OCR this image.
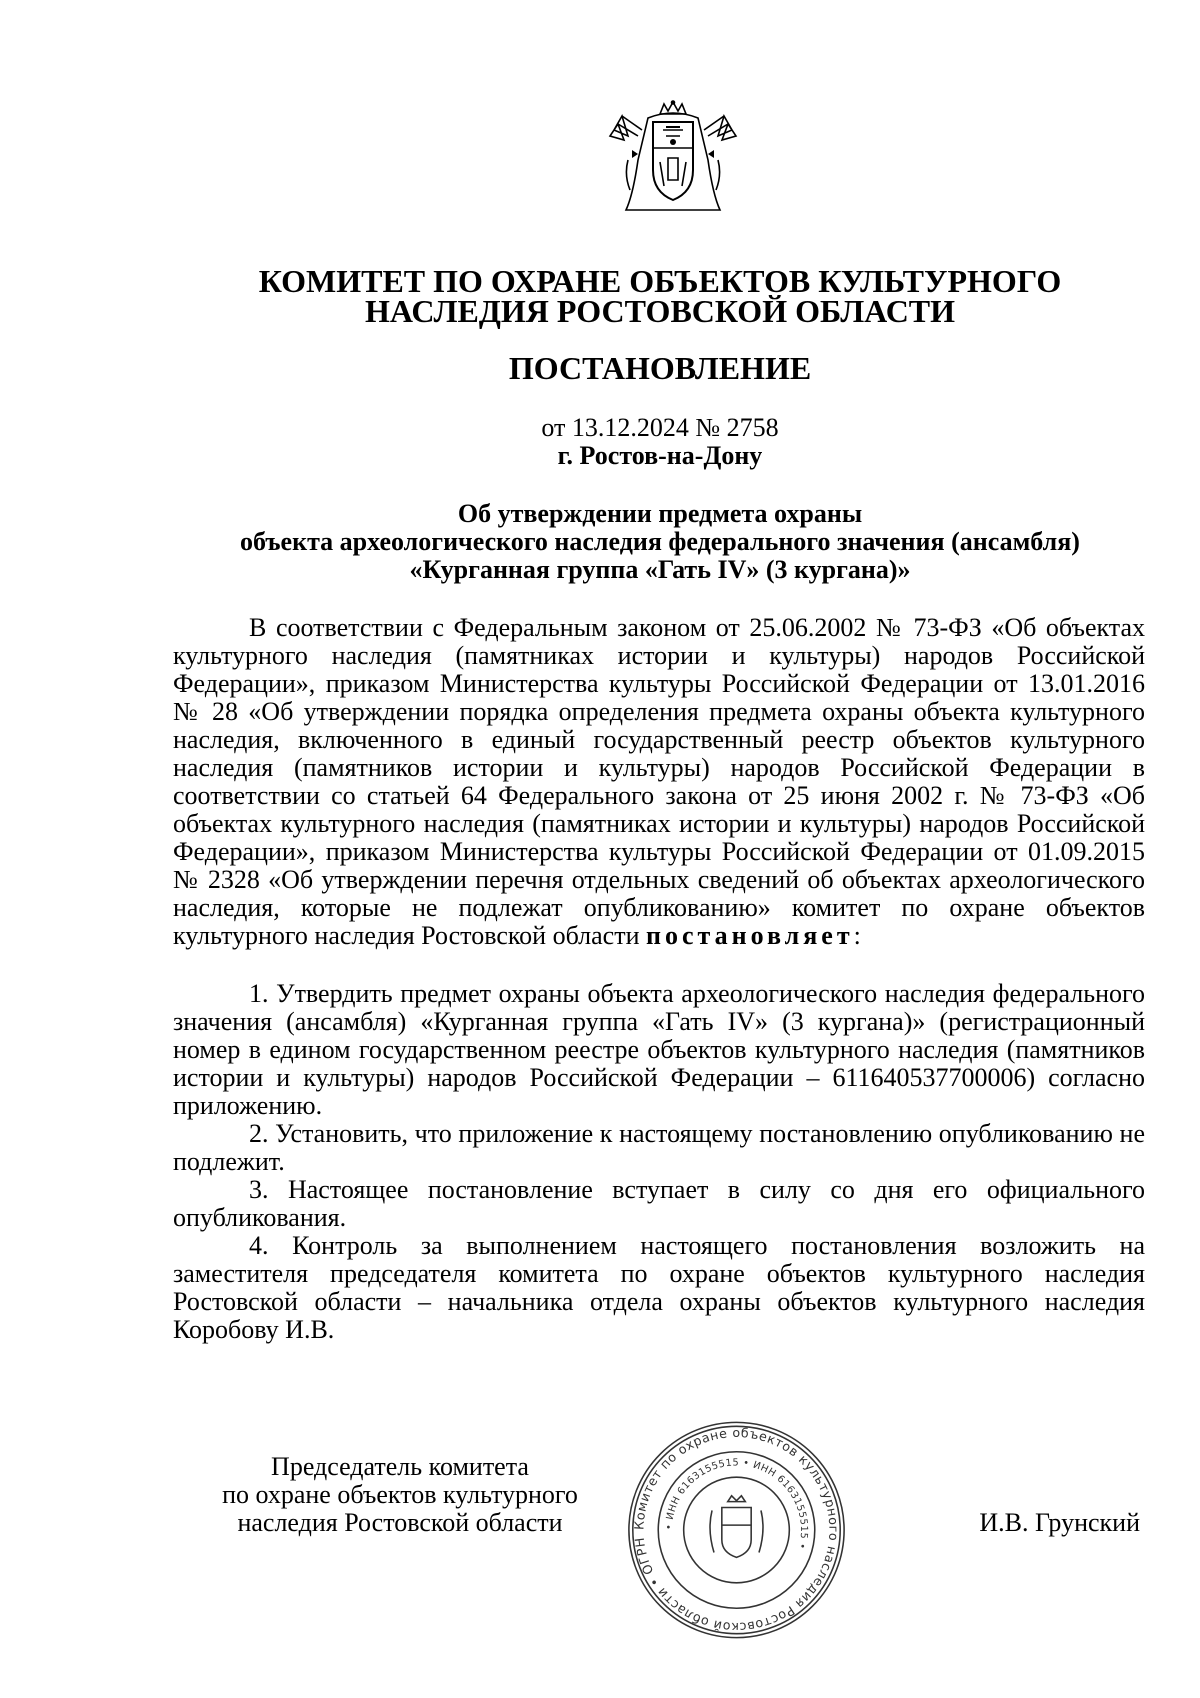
КОМИТЕТ ПО ОХРАНЕ ОБЪЕКТОВ КУЛЬТУРНОГО
НАСЛЕДИЯ РОСТОВСКОЙ ОБЛАСТИ
ПОСТАНОВЛЕНИЕ
от 13.12.2024 № 2758
г. Ростов-на-Дону
Об утверждении предмета охраны
объекта археологического наследия федерального значения (ансамбля)
«Курганная группа «Гать IV» (3 кургана)»

В соответствии с Федеральным законом от 25.06.2002 № 73-ФЗ «Об объектах культурного наследия (памятниках истории и культуры) народов Российской Федерации», приказом Министерства культуры Российской Федерации от 13.01.2016 № 28 «Об утверждении порядка определения предмета охраны объекта культурного наследия, включенного в единый государственный реестр объектов культурного наследия (памятников истории и культуры) народов Российской Федерации в соответствии со статьей 64 Федерального закона от 25 июня 2002 г. № 73-ФЗ «Об объектах культурного наследия (памятниках истории и культуры) народов Российской Федерации», приказом Министерства культуры Российской Федерации от 01.09.2015 № 2328 «Об утверждении перечня отдельных сведений об объектах археологического наследия, которые не подлежат опубликованию» комитет по охране объектов культурного наследия Ростовской области постановляет:

1. Утвердить предмет охраны объекта археологического наследия федерального значения (ансамбля) «Курганная группа «Гать IV» (3 кургана)» (регистрационный номер в едином государственном реестре объектов культурного наследия (памятников истории и культуры) народов Российской Федерации – 611640537700006) согласно приложению.

2. Установить, что приложение к настоящему постановлению опубликованию не подлежит.

3. Настоящее постановление вступает в силу со дня его официального опубликования.

4. Контроль за выполнением настоящего постановления возложить на заместителя председателя комитета по охране объектов культурного наследия Ростовской области – начальника отдела охраны объектов культурного наследия Коробову И.В.

Председатель комитета
по охране объектов культурного
наследия Ростовской области	Комитет по охране объектов культурного наследия Ростовской области • ОГРН
• ИНН 6163155515 • ИНН 6163155515 •
И.В. Грунский
